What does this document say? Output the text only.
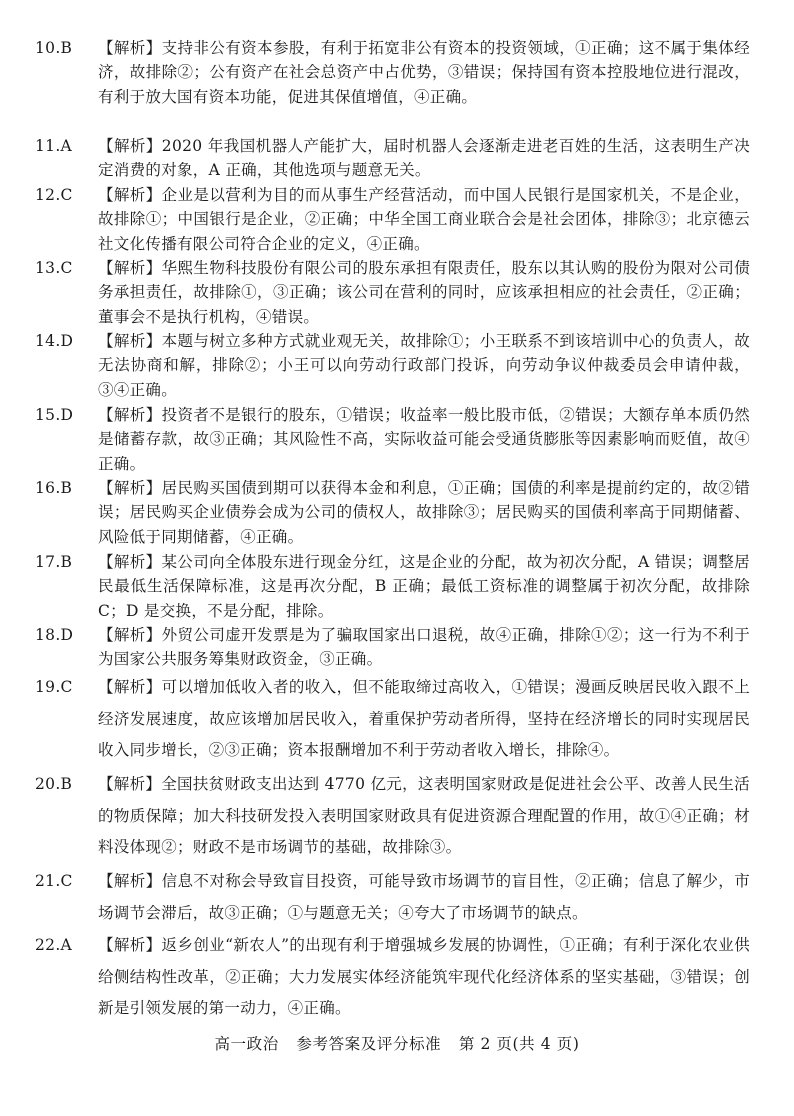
10.B	【解析】支持非公有资本参股，有利于拓宽非公有资本的投资领域，①正确；这不属于集体经济，故排除②；公有资产在社会总资产中占优势，③错误；保持国有资本控股地位进行混改，有利于放大国有资本功能，促进其保值增值，④正确。
11.A	【解析】2020 年我国机器人产能扩大，届时机器人会逐渐走进老百姓的生活，这表明生产决定消费的对象，A 正确，其他选项与题意无关。
12.C	【解析】企业是以营利为目的而从事生产经营活动，而中国人民银行是国家机关，不是企业，故排除①；中国银行是企业，②正确；中华全国工商业联合会是社会团体，排除③；北京德云社文化传播有限公司符合企业的定义，④正确。
13.C	【解析】华熙生物科技股份有限公司的股东承担有限责任，股东以其认购的股份为限对公司债务承担责任，故排除①，③正确；该公司在营利的同时，应该承担相应的社会责任，②正确；董事会不是执行机构，④错误。
14.D	【解析】本题与树立多种方式就业观无关，故排除①；小王联系不到该培训中心的负责人，故无法协商和解，排除②；小王可以向劳动行政部门投诉，向劳动争议仲裁委员会申请仲裁，③④正确。
15.D	【解析】投资者不是银行的股东，①错误；收益率一般比股市低，②错误；大额存单本质仍然是储蓄存款，故③正确；其风险性不高，实际收益可能会受通货膨胀等因素影响而贬值，故④正确。
16.B	【解析】居民购买国债到期可以获得本金和利息，①正确；国债的利率是提前约定的，故②错误；居民购买企业债券会成为公司的债权人，故排除③；居民购买的国债利率高于同期储蓄、风险低于同期储蓄，④正确。
17.B	【解析】某公司向全体股东进行现金分红，这是企业的分配，故为初次分配，A 错误；调整居民最低生活保障标准，这是再次分配，B 正确；最低工资标准的调整属于初次分配，故排除 C；D 是交换，不是分配，排除。
18.D	【解析】外贸公司虚开发票是为了骗取国家出口退税，故④正确，排除①②；这一行为不利于为国家公共服务筹集财政资金，③正确。
19.C	【解析】可以增加低收入者的收入，但不能取缔过高收入，①错误；漫画反映居民收入跟不上经济发展速度，故应该增加居民收入，着重保护劳动者所得，坚持在经济增长的同时实现居民收入同步增长，②③正确；资本报酬增加不利于劳动者收入增长，排除④。
20.B	【解析】全国扶贫财政支出达到 4770 亿元，这表明国家财政是促进社会公平、改善人民生活的物质保障；加大科技研发投入表明国家财政具有促进资源合理配置的作用，故①④正确；材料没体现②；财政不是市场调节的基础，故排除③。
21.C	【解析】信息不对称会导致盲目投资，可能导致市场调节的盲目性，②正确；信息了解少，市场调节会滞后，故③正确；①与题意无关；④夸大了市场调节的缺点。
22.A	【解析】返乡创业“新农人”的出现有利于增强城乡发展的协调性，①正确；有利于深化农业供给侧结构性改革，②正确；大力发展实体经济能筑牢现代化经济体系的坚实基础，③错误；创新是引领发展的第一动力，④正确。
高一政治 参考答案及评分标准 第 2 页(共 4 页)
